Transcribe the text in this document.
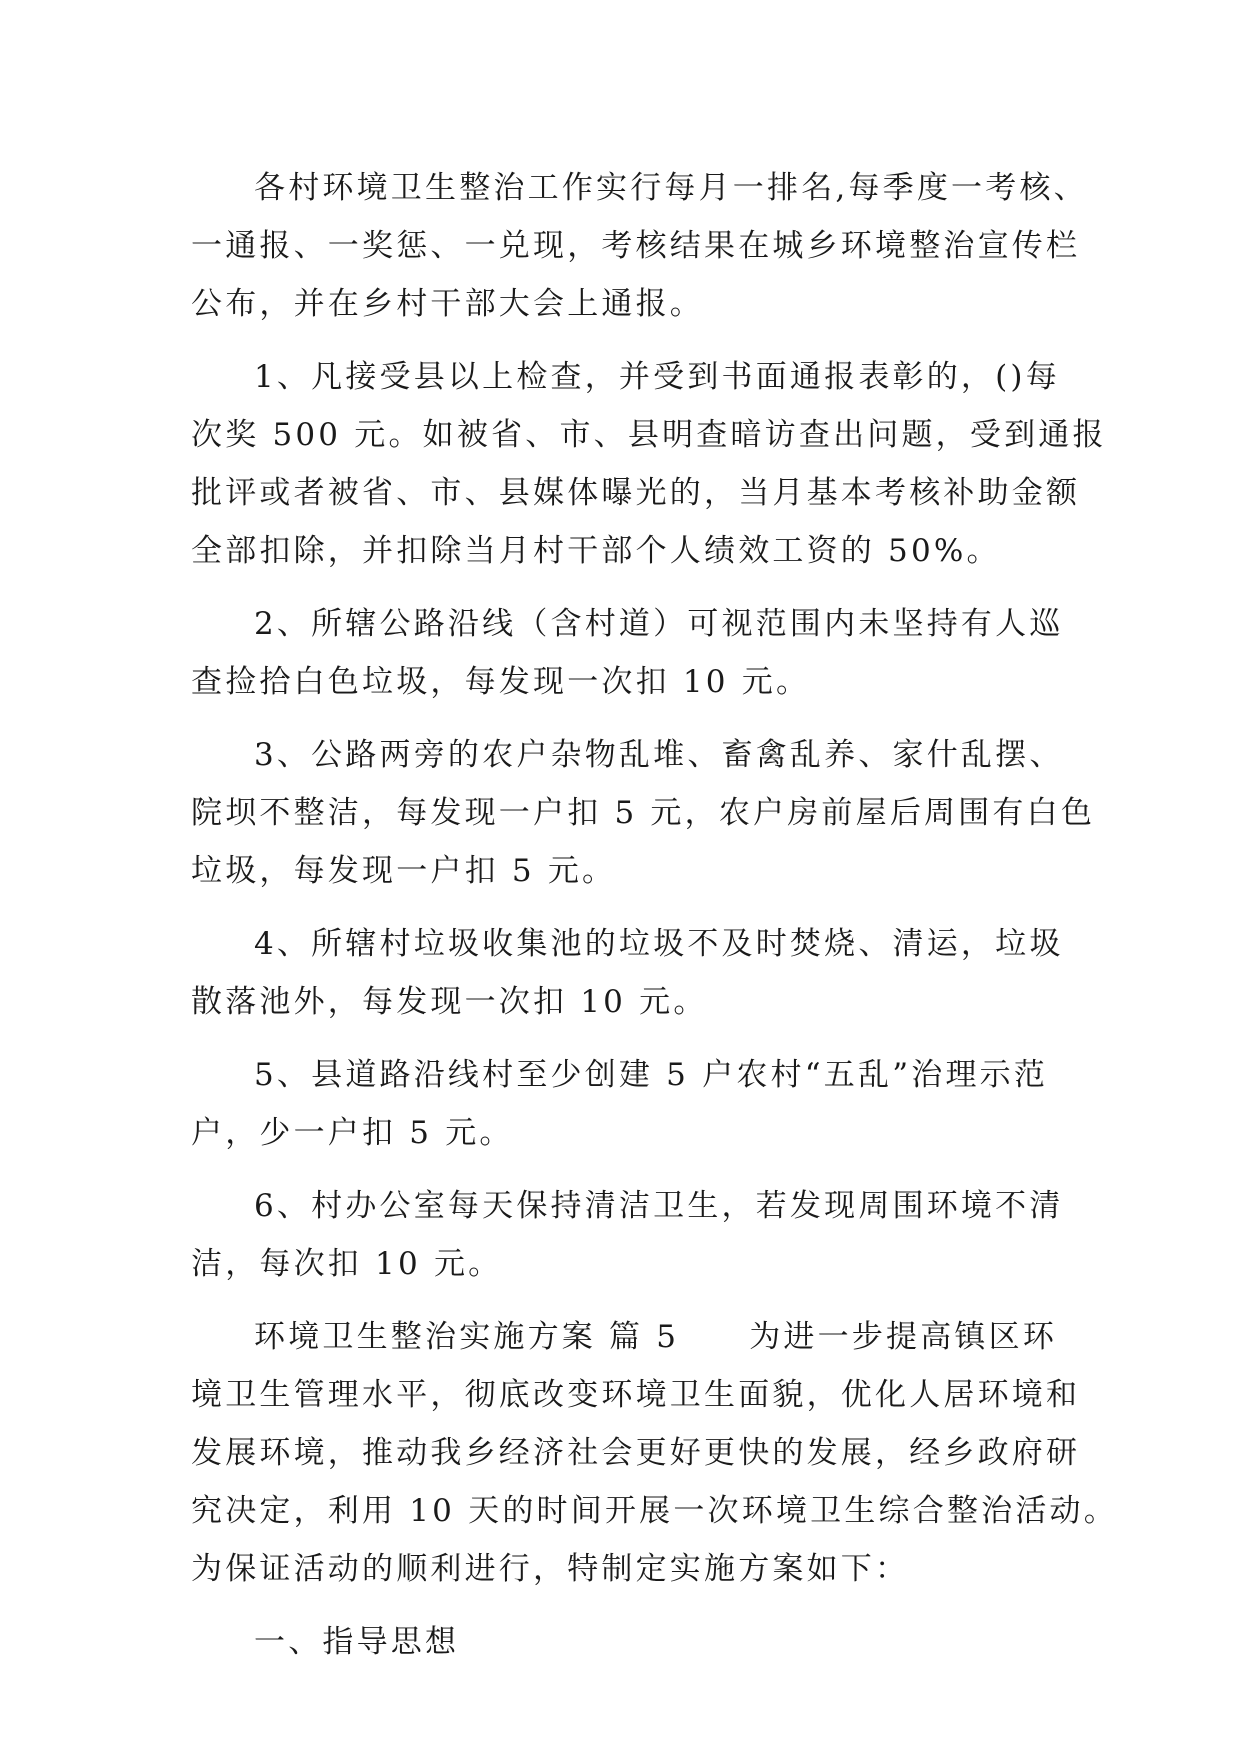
各村环境卫生整治工作实行每月一排名,每季度一考核、
一通报、一奖惩、一兑现，考核结果在城乡环境整治宣传栏
公布，并在乡村干部大会上通报。
1、凡接受县以上检查，并受到书面通报表彰的，()每
次奖 500 元。如被省、市、县明查暗访查出问题，受到通报
批评或者被省、市、县媒体曝光的，当月基本考核补助金额
全部扣除，并扣除当月村干部个人绩效工资的 50%。
2、所辖公路沿线（含村道）可视范围内未坚持有人巡
查捡拾白色垃圾，每发现一次扣 10 元。
3、公路两旁的农户杂物乱堆、畜禽乱养、家什乱摆、
院坝不整洁，每发现一户扣 5 元，农户房前屋后周围有白色
垃圾，每发现一户扣 5 元。
4、所辖村垃圾收集池的垃圾不及时焚烧、清运，垃圾
散落池外，每发现一次扣 10 元。
5、县道路沿线村至少创建 5 户农村“五乱”治理示范
户，少一户扣 5 元。
6、村办公室每天保持清洁卫生，若发现周围环境不清
洁，每次扣 10 元。
环境卫生整治实施方案 篇 5 为进一步提高镇区环
境卫生管理水平，彻底改变环境卫生面貌，优化人居环境和
发展环境，推动我乡经济社会更好更快的发展，经乡政府研
究决定，利用 10 天的时间开展一次环境卫生综合整治活动。
为保证活动的顺利进行，特制定实施方案如下：
一、指导思想
